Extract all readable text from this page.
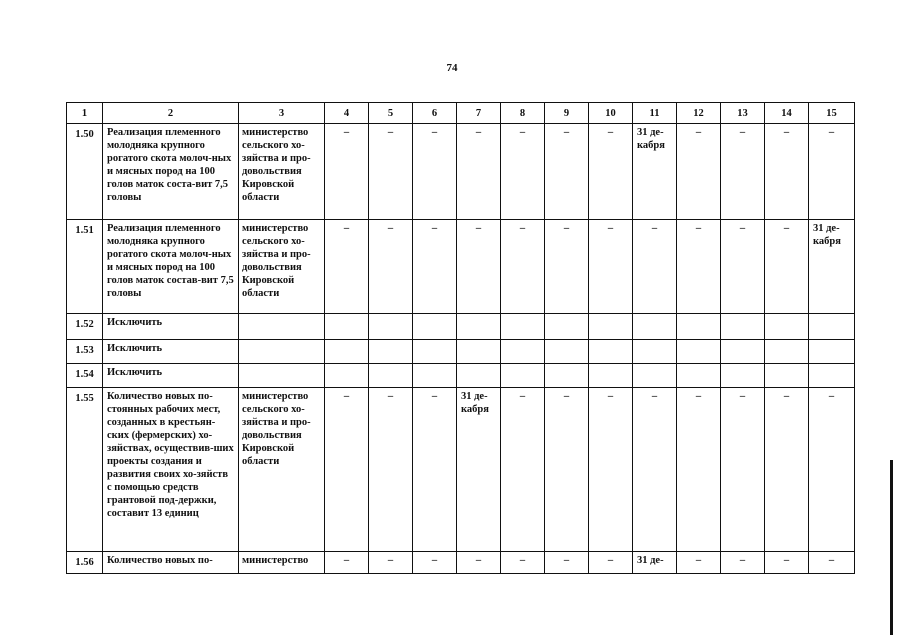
74
1	2	3	4	5	6	7	8	9	10	11	12	13	14	15
1.50	Реализация племенного молодняка крупного рогатого скота молоч-ных и мясных пород на 100 голов маток соста-вит 7,5 головы	министерство сельского хо-зяйства и про-довольствия Кировской области	–	–	–	–	–	–	–	31 де-кабря	–	–	–	–
1.51	Реализация племенного молодняка крупного рогатого скота молоч-ных и мясных пород на 100 голов маток состав-вит 7,5 головы	министерство сельского хо-зяйства и про-довольствия Кировской области	–	–	–	–	–	–	–	–	–	–	–	31 де-кабря
1.52	Исключить													
1.53	Исключить													
1.54	Исключить													
1.55	Количество новых по-стоянных рабочих мест, созданных в крестьян-ских (фермерских) хо-зяйствах, осуществив-ших проекты создания и развития своих хо-зяйств с помощью средств грантовой под-держки, составит 13 единиц	министерство сельского хо-зяйства и про-довольствия Кировской области	–	–	–	31 де-кабря	–	–	–	–	–	–	–	–
1.56	Количество новых по-	министерство	–	–	–	–	–	–	–	31 де-	–	–	–	–
